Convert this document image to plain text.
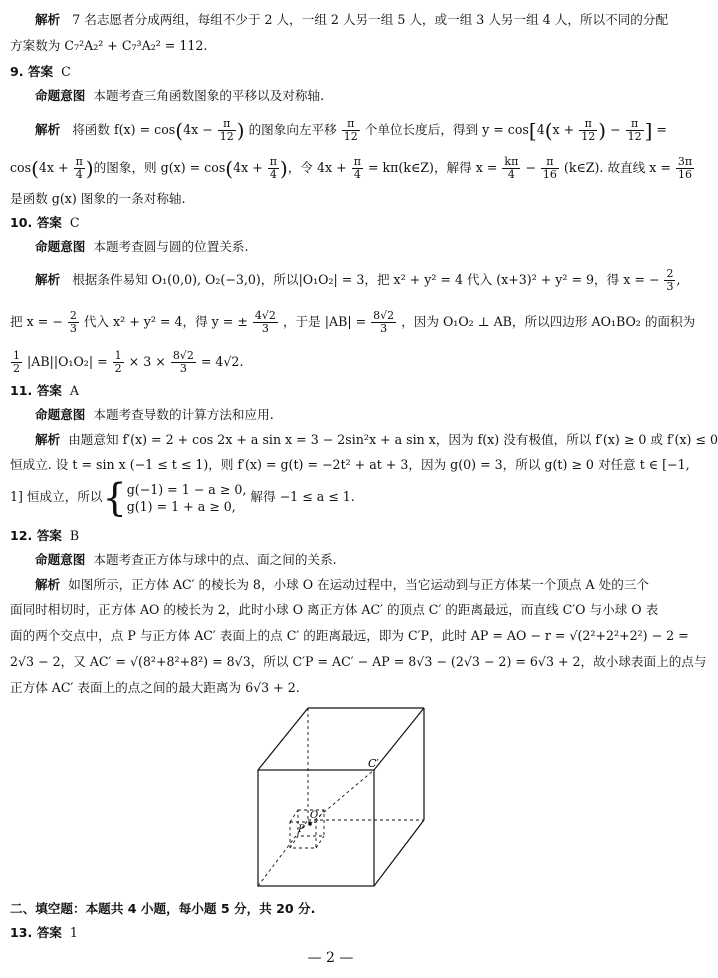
解析 7 名志愿者分成两组，每组不少于 2 人，一组 2 人另一组 5 人，或一组 3 人另一组 4 人，所以不同的分配
方案数为 C₇²A₂² + C₇³A₂² = 112.
9. 答案 C
命题意图 本题考查三角函数图象的平移以及对称轴.
解析 将函数 $f(x) = \cos(4x - \frac{\pi}{12}$ ) 的图象向左平移 $\frac{\pi}{12}$ 个单位长度后，得到 $y = \cos[4(x + \frac{\pi}{12}$ ) − $\frac{\pi}{12}$ ] =
$\cos(4x + \frac{\pi}{4}$ )的图象，则 $g(x) = \cos(4x + \frac{\pi}{4}$ )，令 $4x + \frac{\pi}{4}$ = kπ(k∈Z)，解得 $x = \frac{k\pi}{4} - \frac{\pi}{16}$ (k∈Z). 故直线 $x = \frac{3\pi}{16}$
是函数 g(x) 图象的一条对称轴.
10. 答案 C
命题意图 本题考查圆与圆的位置关系.
解析 根据条件易知 O₁(0,0), O₂(−3,0)，所以|O₁O₂| = 3，把 x² + y² = 4 代入 (x+3)² + y² = 9，得 x = − $\frac{2}{3}$ ,
把 x = − $\frac{2}{3}$ 代入 x² + y² = 4，得 y = ± $\frac{4√2}{3}$ ，于是 $|AB| = \frac{8√2}{3}$ ，因为 O₁O₂ ⊥ AB，所以四边形 AO₁BO₂ 的面积为
$\frac{1}{2} |AB||O_1O_2| = \frac{1}{2} \times 3 \times \frac{8√2}{3} = 4√2$.
11. 答案 A
命题意图 本题考查导数的计算方法和应用.
解析 由题意知 f′(x) = 2 + cos 2x + a sin x = 3 − 2sin²x + a sin x，因为 f(x) 没有极值，所以 f′(x) ≥ 0 或 f′(x) ≤ 0
恒成立. 设 t = sin x (−1 ≤ t ≤ 1)，则 f′(x) = g(t) = −2t² + at + 3，因为 g(0) = 3，所以 g(t) ≥ 0 对任意 t ∈ [−1,
1] 恒成立，所以{g(−1) = 1 − a ≥ 0,
g(1) = 1 + a ≥ 0, 解得 −1 ≤ a ≤ 1.
12. 答案 B
命题意图 本题考查正方体与球中的点、面之间的关系.
解析 如图所示，正方体 AC′ 的棱长为 8，小球 O 在运动过程中，当它运动到与正方体某一个顶点 A 处的三个
面同时相切时，正方体 AO 的棱长为 2，此时小球 O 离正方体 AC′ 的顶点 C′ 的距离最远，而直线 C′O 与小球 O 表
面的两个交点中，点 P 与正方体 AC′ 表面上的点 C′ 的距离最远，即为 C′P，此时 AP = AO − r = √(2²+2²+2²) − 2 =
2√3 − 2，又 AC′ = √(8²+8²+8²) = 8√3，所以 C′P = AC′ − AP = 8√3 − (2√3 − 2) = 6√3 + 2，故小球表面上的点与
正方体 AC′ 表面上的点之间的最大距离为 6√3 + 2.
C′
O
P
二、填空题：本题共 4 小题，每小题 5 分，共 20 分.
13. 答案 1
— 2 —
